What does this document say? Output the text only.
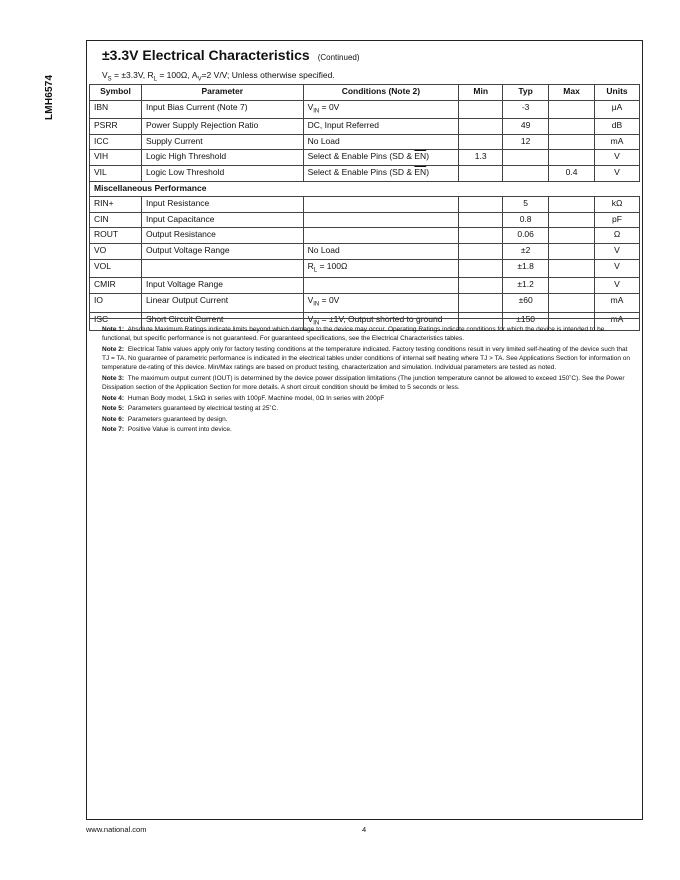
LMH6574
±3.3V Electrical Characteristics (Continued)
$V_S = \pm 3.3V$, $R_L = 100\Omega$, $A_V=2$ V/V; Unless otherwise specified.
Symbol	Parameter	Conditions (Note 2)	Min	Typ	Max	Units
IBN	Input Bias Current (Note 7)	$V_{IN} = 0V$		-3		μA
PSRR	Power Supply Rejection Ratio	DC, Input Referred		49		dB
ICC	Supply Current	No Load		12		mA
VIH	Logic High Threshold	Select & Enable Pins (SD & $\overline{EN}$)	1.3			V
VIL	Logic Low Threshold	Select & Enable Pins (SD & $\overline{EN}$)			0.4	V
Miscellaneous Performance						
RIN+	Input Resistance			5		kΩ
CIN	Input Capacitance			0.8		pF
ROUT	Output Resistance			0.06		Ω
VO	Output Voltage Range	No Load		±2		V
VOL		$R_L = 100\Omega$		±1.8		V
CMIR	Input Voltage Range			±1.2		V
IO	Linear Output Current	$V_{IN} = 0V$		±60		mA
ISC	Short Circuit Current	$V_{IN} = \pm 1V$, Output shorted to ground		±150		mA
Note 1: Absolute Maximum Ratings indicate limits beyond which damage to the device may occur. Operating Ratings indicate conditions for which the device is intended to be functional, but specific performance is not guaranteed. For guaranteed specifications, see the Electrical Characteristics tables.
Note 2: Electrical Table values apply only for factory testing conditions at the temperature indicated. Factory testing conditions result in very limited self-heating of the device such that TJ = TA. No guarantee of parametric performance is indicated in the electrical tables under conditions of internal self heating where TJ > TA. See Applications Section for information on temperature de-rating of this device. Min/Max ratings are based on product testing, characterization and simulation. Individual parameters are tested as noted.
Note 3: The maximum output current (IOUT) is determined by the device power dissipation limitations (The junction temperature cannot be allowed to exceed 150˚C). See the Power Dissipation section of the Application Section for more details. A short circuit condition should be limited to 5 seconds or less.
Note 4: Human Body model, 1.5kΩ in series with 100pF. Machine model, 0Ω In series with 200pF
Note 5: Parameters guaranteed by electrical testing at 25˚C.
Note 6: Parameters guaranteed by design.
Note 7: Positive Value is current into device.
www.national.com	4
